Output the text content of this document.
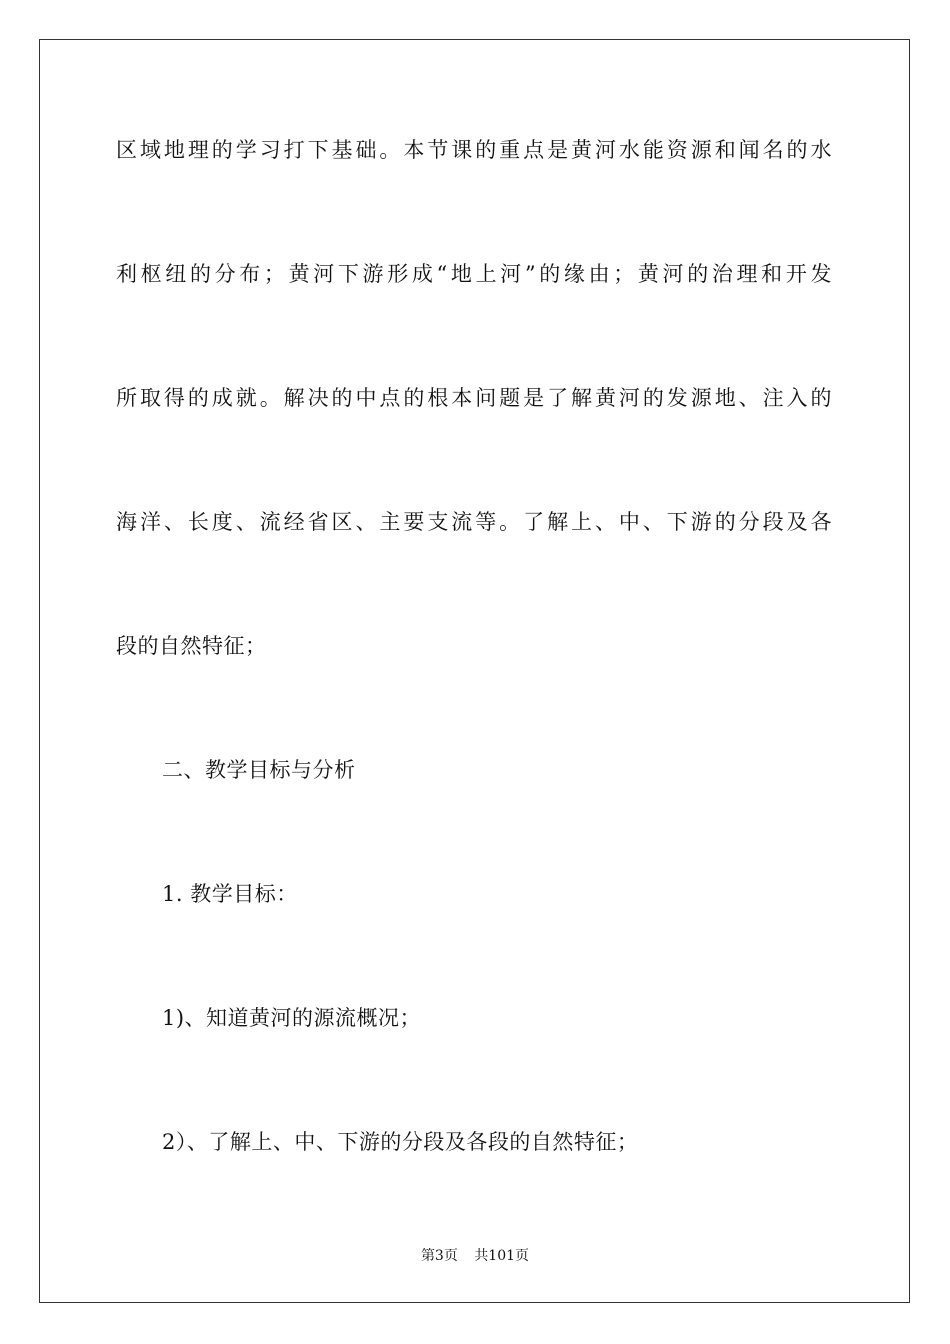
区域地理的学习打下基础。本节课的重点是黄河水能资源和闻名的水
利枢纽的分布；黄河下游形成“地上河”的缘由；黄河的治理和开发
所取得的成就。解决的中点的根本问题是了解黄河的发源地、注入的
海洋、长度、流经省区、主要支流等。了解上、中、下游的分段及各
段的自然特征；
二、教学目标与分析
1. 教学目标：
1)、知道黄河的源流概况；
2）、了解上、中、下游的分段及各段的自然特征；
第3页 共101页
